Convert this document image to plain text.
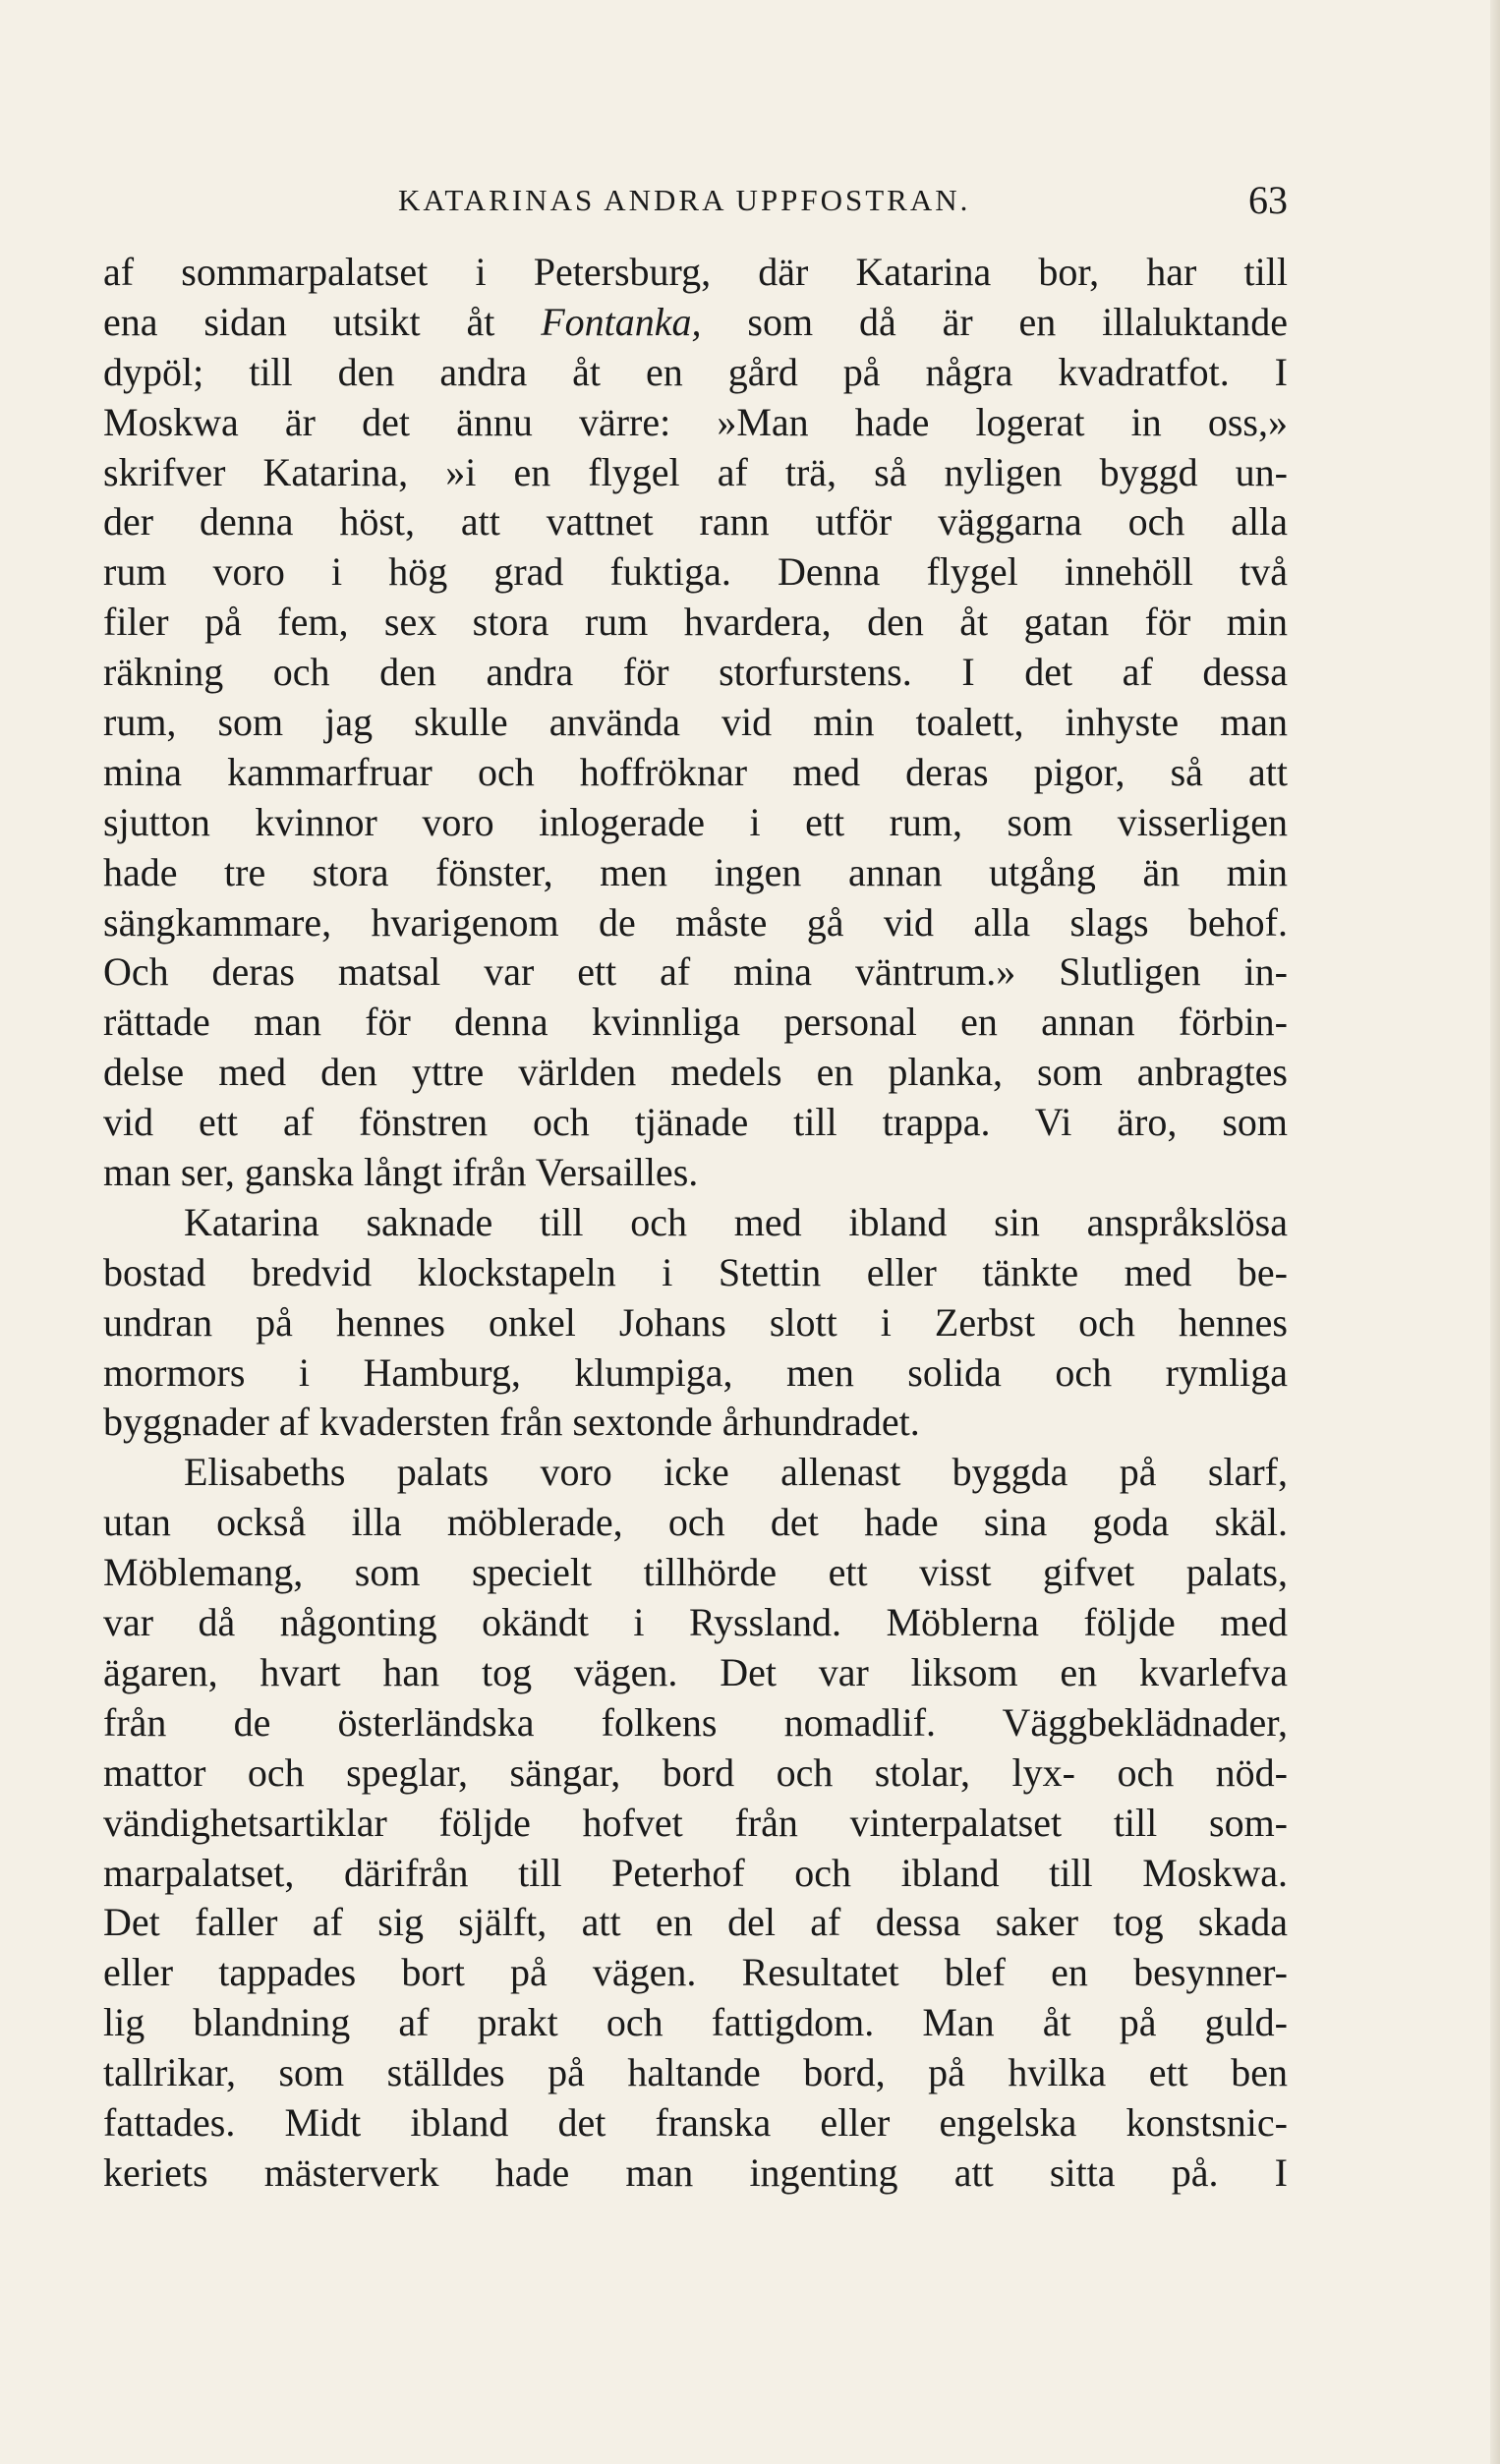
KATARINAS ANDRA UPPFOSTRAN.	63
af sommarpalatset i Petersburg, där Katarina bor, har till
ena sidan utsikt åt Fontanka, som då är en illaluktande
dypöl; till den andra åt en gård på några kvadratfot. I
Moskwa är det ännu värre: »Man hade logerat in oss,»
skrifver Katarina, »i en flygel af trä, så nyligen byggd un-
der denna höst, att vattnet rann utför väggarna och alla
rum voro i hög grad fuktiga. Denna flygel innehöll två
filer på fem, sex stora rum hvardera, den åt gatan för min
räkning och den andra för storfurstens. I det af dessa
rum, som jag skulle använda vid min toalett, inhyste man
mina kammarfruar och hoffröknar med deras pigor, så att
sjutton kvinnor voro inlogerade i ett rum, som visserligen
hade tre stora fönster, men ingen annan utgång än min
sängkammare, hvarigenom de måste gå vid alla slags behof.
Och deras matsal var ett af mina väntrum.» Slutligen in-
rättade man för denna kvinnliga personal en annan förbin-
delse med den yttre världen medels en planka, som anbragtes
vid ett af fönstren och tjänade till trappa. Vi äro, som
man ser, ganska långt ifrån Versailles.
Katarina saknade till och med ibland sin anspråkslösa
bostad bredvid klockstapeln i Stettin eller tänkte med be-
undran på hennes onkel Johans slott i Zerbst och hennes
mormors i Hamburg, klumpiga, men solida och rymliga
byggnader af kvadersten från sextonde århundradet.
Elisabeths palats voro icke allenast byggda på slarf,
utan också illa möblerade, och det hade sina goda skäl.
Möblemang, som specielt tillhörde ett visst gifvet palats,
var då någonting okändt i Ryssland. Möblerna följde med
ägaren, hvart han tog vägen. Det var liksom en kvarlefva
från de österländska folkens nomadlif. Väggbeklädnader,
mattor och speglar, sängar, bord och stolar, lyx- och nöd-
vändighetsartiklar följde hofvet från vinterpalatset till som-
marpalatset, därifrån till Peterhof och ibland till Moskwa.
Det faller af sig själft, att en del af dessa saker tog skada
eller tappades bort på vägen. Resultatet blef en besynner-
lig blandning af prakt och fattigdom. Man åt på guld-
tallrikar, som ställdes på haltande bord, på hvilka ett ben
fattades. Midt ibland det franska eller engelska konstsnic-
keriets mästerverk hade man ingenting att sitta på. I
